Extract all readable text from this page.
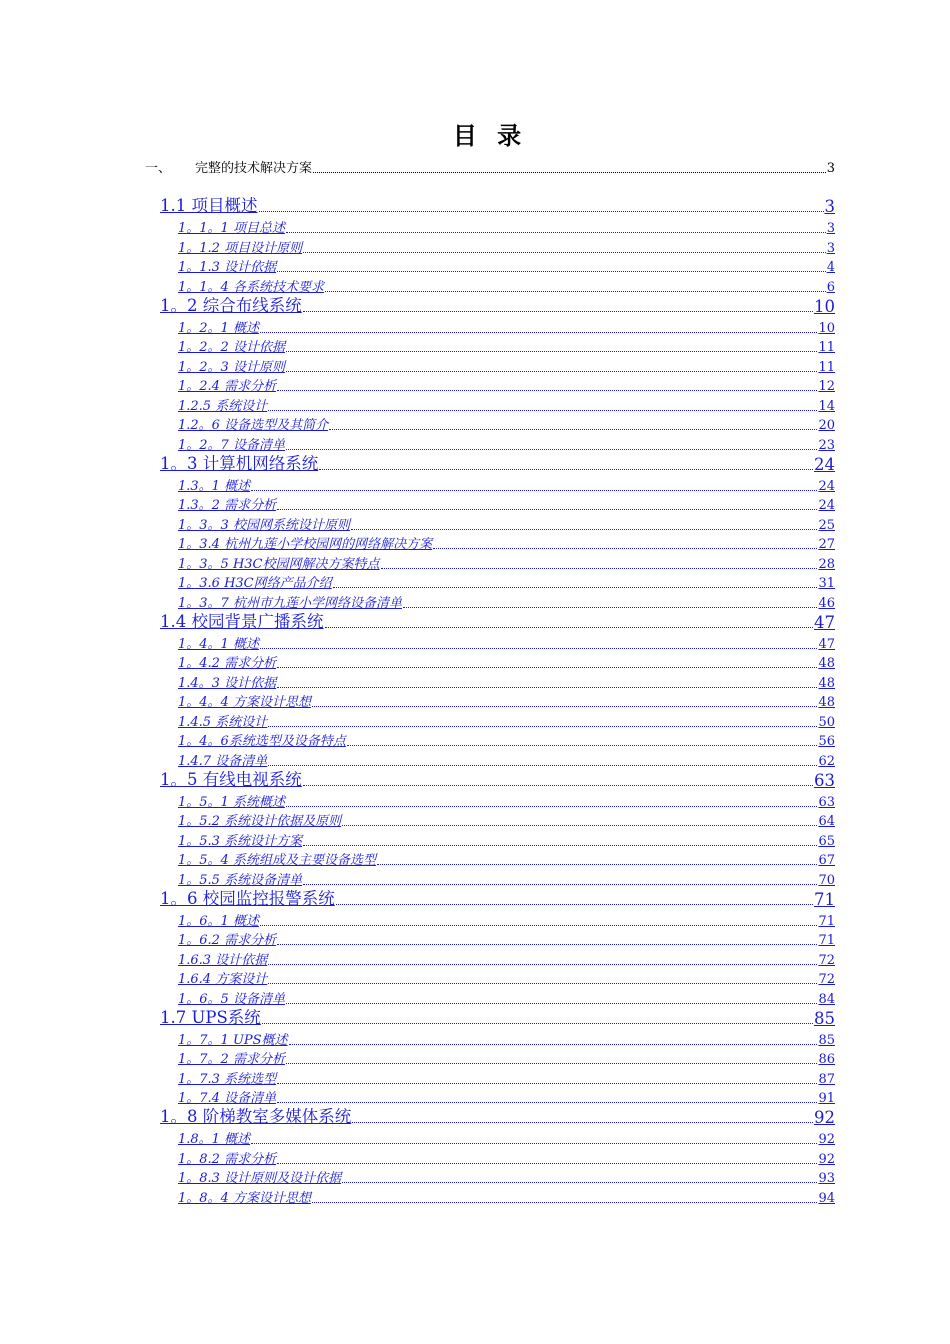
目 录
一、	完整的技术解决方案	3
1.1 项目概述	3
1。1。1 项目总述	3
1。1.2 项目设计原则	3
1。1.3 设计依据	4
1。1。4 各系统技术要求	6
1。2 综合布线系统	10
1。2。1 概述	10
1。2。2 设计依据	11
1。2。3 设计原则	11
1。2.4 需求分析	12
1.2.5 系统设计	14
1.2。6 设备选型及其简介	20
1。2。7 设备清单	23
1。3 计算机网络系统	24
1.3。1 概述	24
1.3。2 需求分析	24
1。3。3 校园网系统设计原则	25
1。3.4 杭州九莲小学校园网的网络解决方案	27
1。3。5 H3C校园网解决方案特点	28
1。3.6 H3C网络产品介绍	31
1。3。7 杭州市九莲小学网络设备清单	46
1.4 校园背景广播系统	47
1。4。1 概述	47
1。4.2 需求分析	48
1.4。3 设计依据	48
1。4。4 方案设计思想	48
1.4.5 系统设计	50
1。4。6系统选型及设备特点	56
1.4.7 设备清单	62
1。5 有线电视系统	63
1。5。1 系统概述	63
1。5.2 系统设计依据及原则	64
1。5.3 系统设计方案	65
1。5。4 系统组成及主要设备选型	67
1。5.5 系统设备清单	70
1。6 校园监控报警系统	71
1。6。1 概述	71
1。6.2 需求分析	71
1.6.3 设计依据	72
1.6.4 方案设计	72
1。6。5 设备清单	84
1.7 UPS系统	85
1。7。1 UPS概述	85
1。7。2 需求分析	86
1。7.3 系统选型	87
1。7.4 设备清单	91
1。8 阶梯教室多媒体系统	92
1.8。1 概述	92
1。8.2 需求分析	92
1。8.3 设计原则及设计依据	93
1。8。4 方案设计思想	94
